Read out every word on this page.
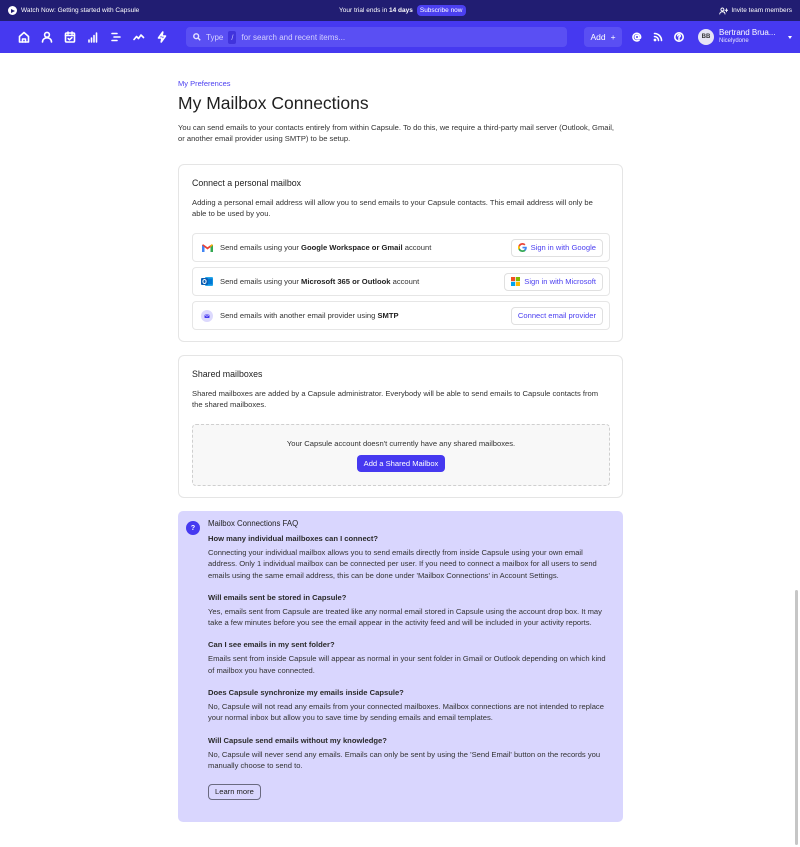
Watch Now: Getting started with Capsule	Your trial ends in 14 days	Subscribe now	Invite team members
Type	/	for search and recent items...	Add +	BB	Bertrand Brua...
Nicelydone
My Preferences
My Mailbox Connections

You can send emails to your contacts entirely from within Capsule. To do this, we require a third-party mail server (Outlook, Gmail, or another email provider using SMTP) to be setup.

Connect a personal mailbox
Adding a personal email address will allow you to send emails to your Capsule contacts. This email address will only be able to be used by you.
Send emails using your Google Workspace or Gmail account	Sign in with Google
Send emails using your Microsoft 365 or Outlook account	Sign in with Microsoft
Send emails with another email provider using SMTP	Connect email provider
Shared mailboxes
Shared mailboxes are added by a Capsule administrator. Everybody will be able to send emails to Capsule contacts from the shared mailboxes.
Your Capsule account doesn't currently have any shared mailboxes.
Add a Shared Mailbox
?	Mailbox Connections FAQ
How many individual mailboxes can I connect?
Connecting your individual mailbox allows you to send emails directly from inside Capsule using your own email address. Only 1 individual mailbox can be connected per user. If you need to connect a mailbox for all users to send emails using the same email address, this can be done under 'Mailbox Connections' in Account Settings.
Will emails sent be stored in Capsule?
Yes, emails sent from Capsule are treated like any normal email stored in Capsule using the account drop box. It may take a few minutes before you see the email appear in the activity feed and will be included in your activity reports.
Can I see emails in my sent folder?
Emails sent from inside Capsule will appear as normal in your sent folder in Gmail or Outlook depending on which kind of mailbox you have connected.
Does Capsule synchronize my emails inside Capsule?
No, Capsule will not read any emails from your connected mailboxes. Mailbox connections are not intended to replace your normal inbox but allow you to save time by sending emails and email templates.
Will Capsule send emails without my knowledge?
No, Capsule will never send any emails. Emails can only be sent by using the 'Send Email' button on the records you manually choose to send to.
Learn more
